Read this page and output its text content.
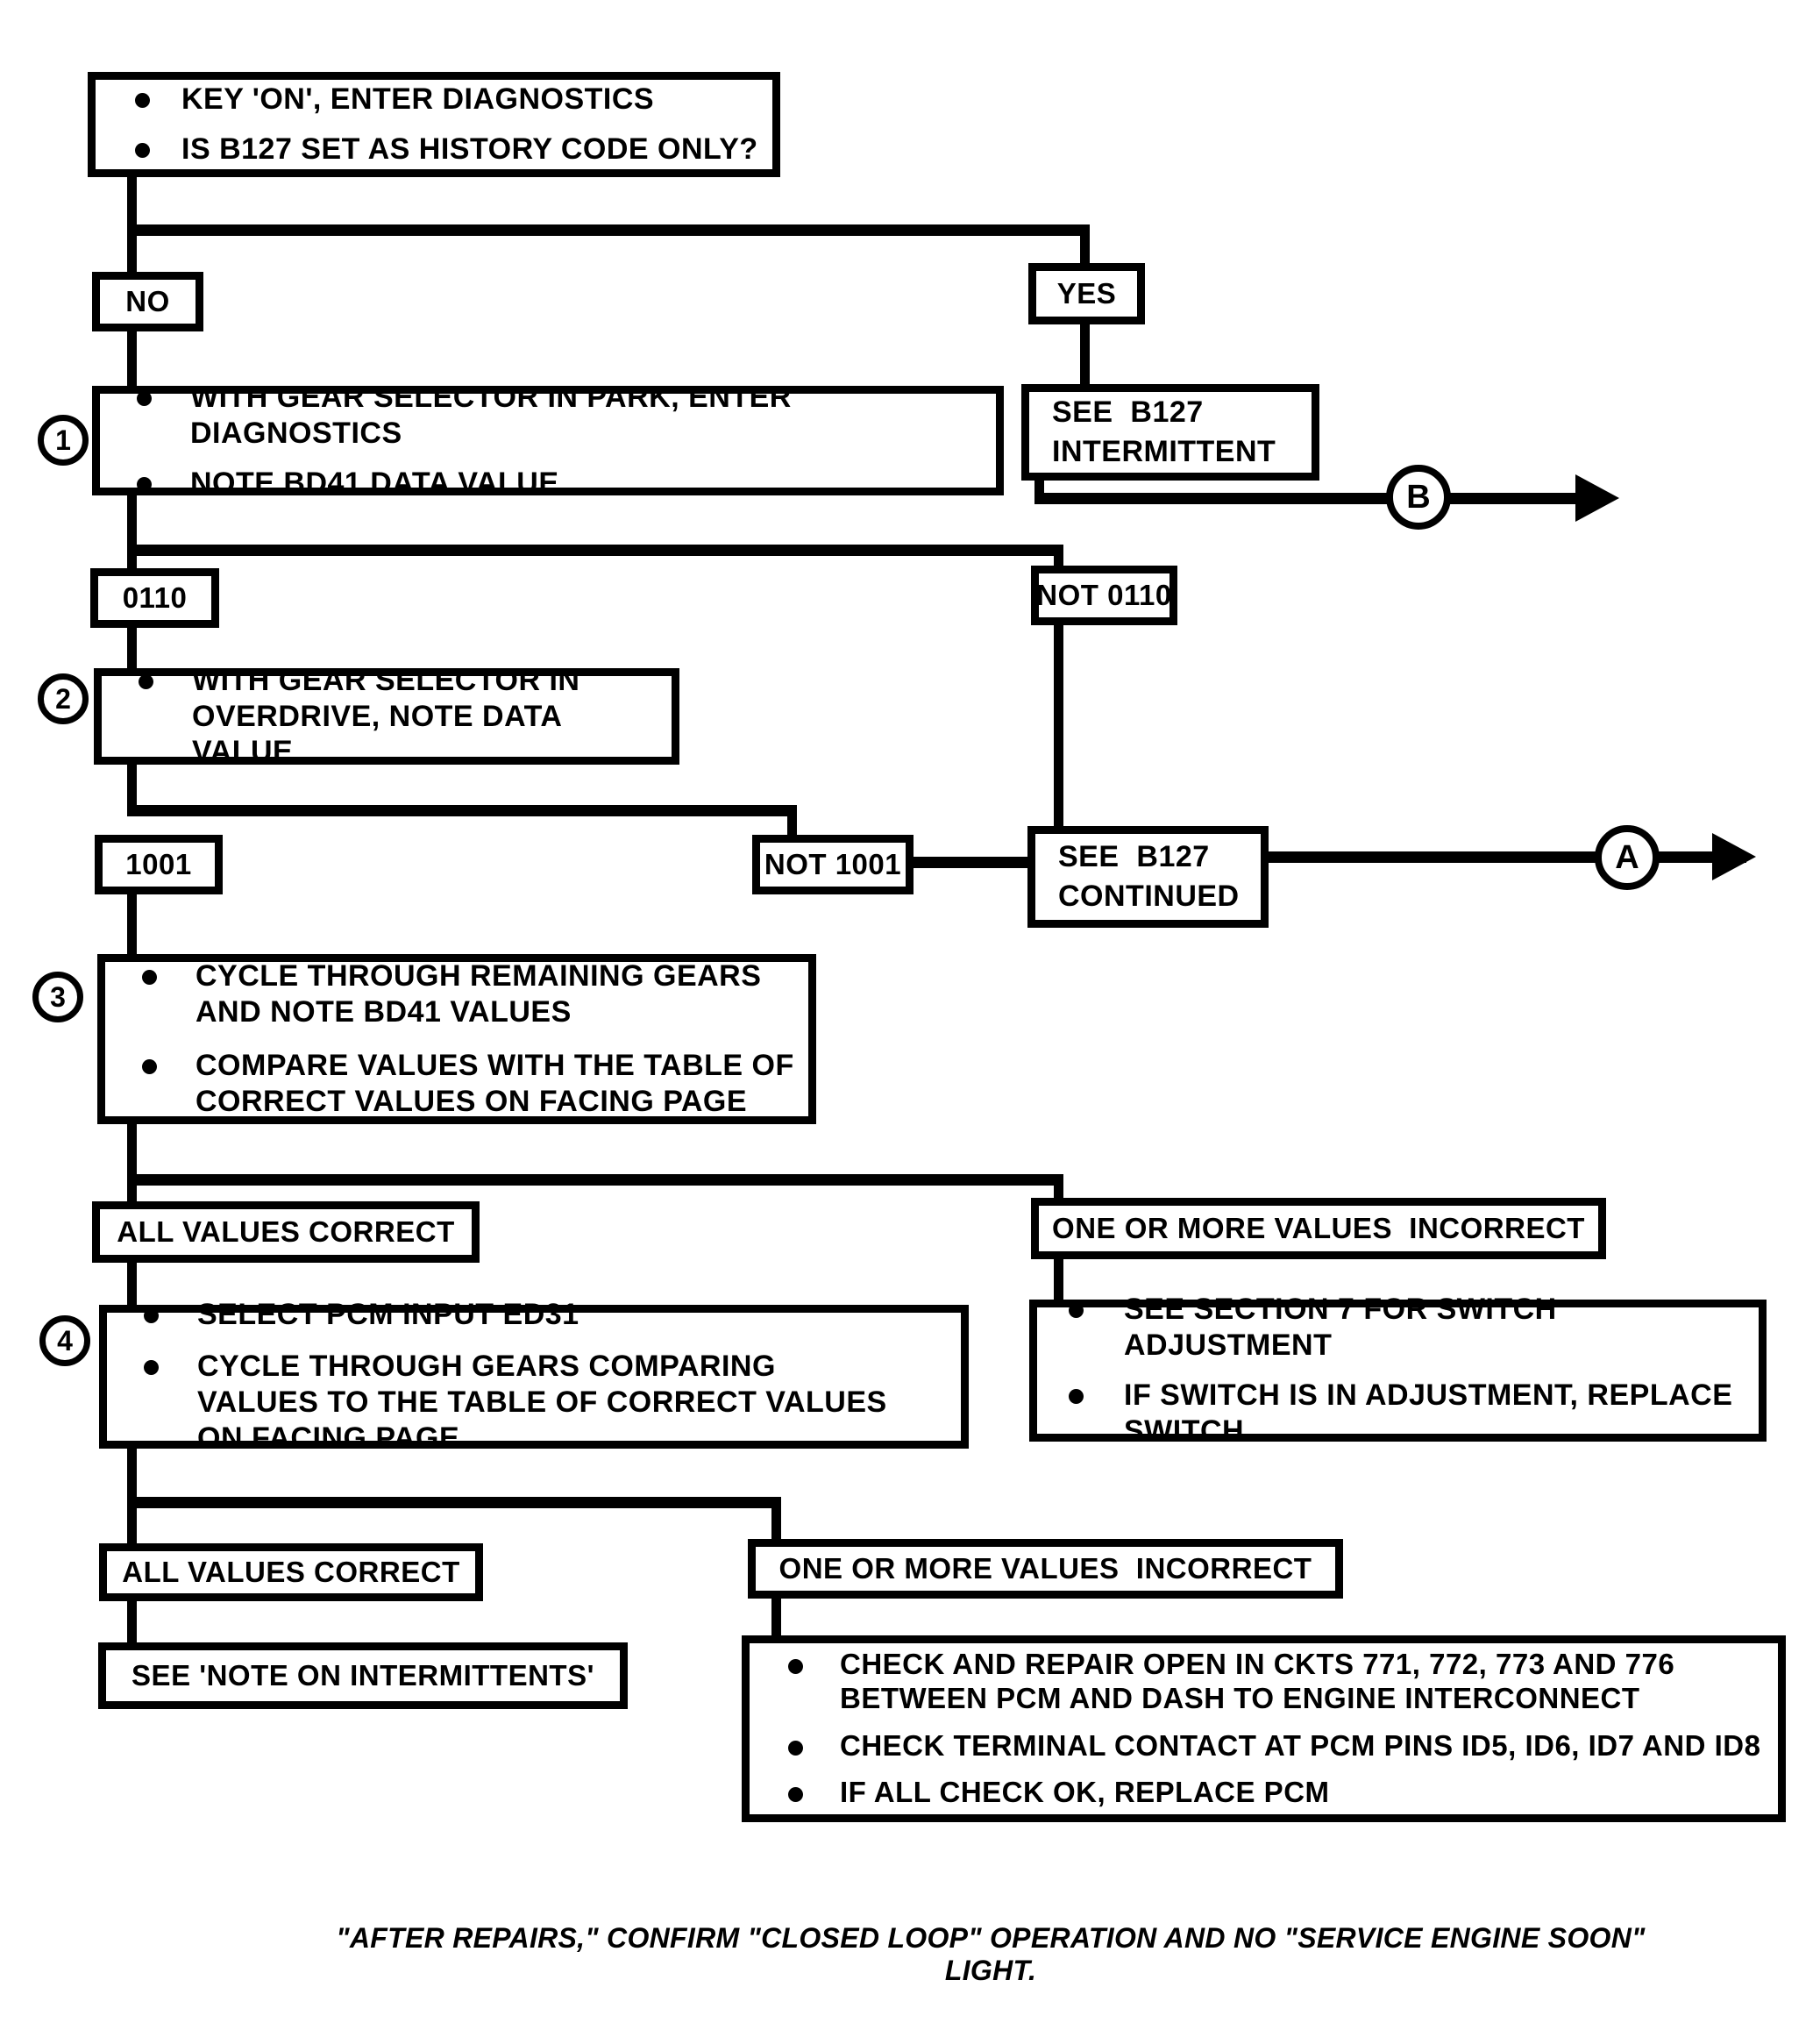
KEY 'ON', ENTER DIAGNOSTICS
IS B127 SET AS HISTORY CODE ONLY?
NO	YES
SEE  B127
INTERMITTENT
B
1
WITH GEAR SELECTOR IN PARK, ENTER DIAGNOSTICS
NOTE BD41 DATA VALUE
0110	NOT 0110
2
WITH GEAR SELECTOR IN OVERDRIVE, NOTE DATA VALUE
1001	NOT 1001	SEE  B127
CONTINUED
A
3
CYCLE THROUGH REMAINING GEARS AND NOTE BD41 VALUES
COMPARE VALUES WITH THE TABLE OF CORRECT VALUES ON FACING PAGE
ALL VALUES CORRECT	ONE OR MORE VALUES  INCORRECT
4
SELECT PCM INPUT ED31
CYCLE THROUGH GEARS COMPARING VALUES TO THE TABLE OF CORRECT VALUES ON FACING PAGE
SEE SECTION 7 FOR SWITCH ADJUSTMENT
IF SWITCH IS IN ADJUSTMENT, REPLACE SWITCH
ALL VALUES CORRECT	ONE OR MORE VALUES  INCORRECT
SEE 'NOTE ON INTERMITTENTS'	CHECK AND REPAIR OPEN IN CKTS 771, 772, 773 AND 776 BETWEEN PCM AND DASH TO ENGINE INTERCONNECT
CHECK TERMINAL CONTACT AT PCM PINS ID5, ID6, ID7 AND ID8
IF ALL CHECK OK, REPLACE PCM
"AFTER REPAIRS," CONFIRM "CLOSED LOOP" OPERATION AND NO "SERVICE ENGINE SOON" LIGHT.
